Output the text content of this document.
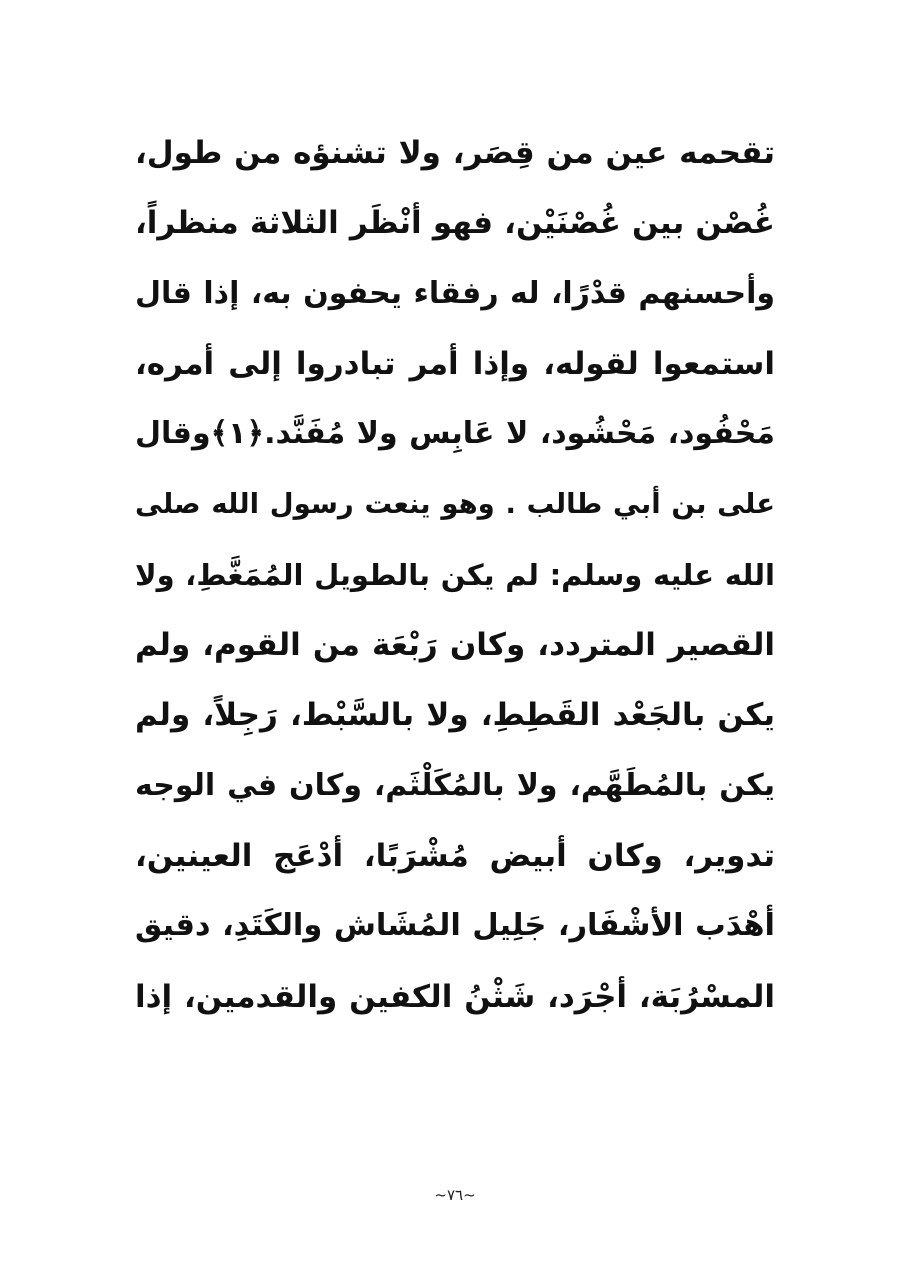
تقحمه عين من قِصَر، ولا تشنؤه من طول،
غُصْن بين غُصْنَيْن، فهو أنْظَر الثلاثة منظراً،
وأحسنهم قدْرًا، له رفقاء يحفون به، إذا قال
استمعوا لقوله، وإذا أمر تبادروا إلى أمره،
مَحْفُود، مَحْشُود، لا عَابِس ولا مُفَنَّد.﴿١﴾وقال
على بن أبي طالب . وهو ينعت رسول الله صلى
الله عليه وسلم: لم يكن بالطويل المُمَغَّطِ، ولا
القصير المتردد، وكان رَبْعَة من القوم، ولم
يكن بالجَعْد القَطِطِ، ولا بالسَّبْط، رَجِلاً، ولم
يكن بالمُطَهَّم، ولا بالمُكَلْثَم، وكان في الوجه
تدوير، وكان أبيض مُشْرَبًا، أدْعَج العينين،
أهْدَب الأشْفَار، جَلِيل المُشَاش والكَتَدِ، دقيق
المسْرُبَة، أجْرَد، شَثْنُ الكفين والقدمين، إذا
~٧٦~
